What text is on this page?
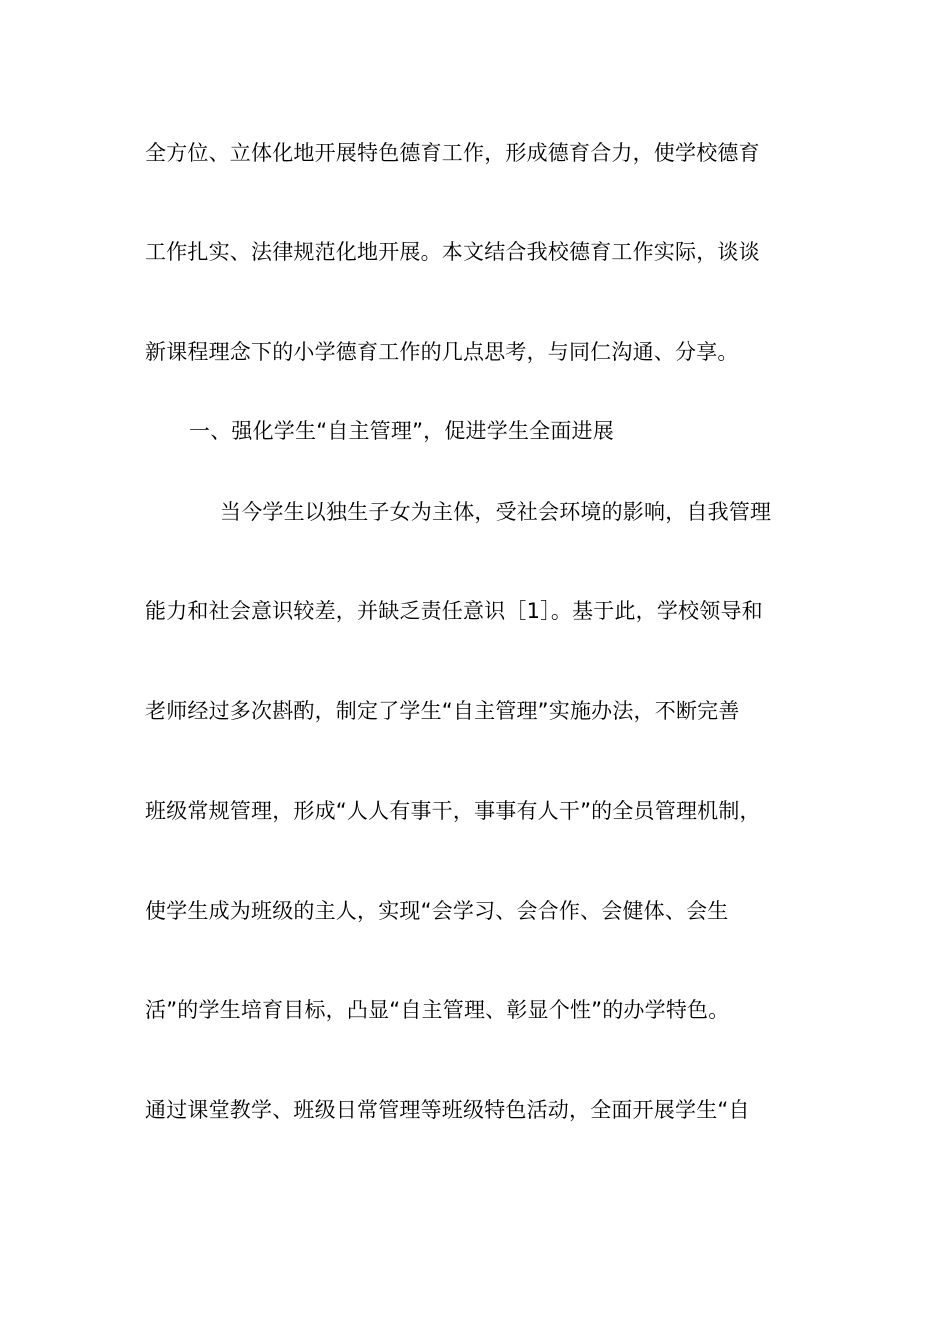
全方位、立体化地开展特色德育工作，形成德育合力，使学校德育
工作扎实、法律规范化地开展。本文结合我校德育工作实际，谈谈
新课程理念下的小学德育工作的几点思考，与同仁沟通、分享。
一、强化学生“自主管理”，促进学生全面进展
当今学生以独生子女为主体，受社会环境的影响，自我管理
能力和社会意识较差，并缺乏责任意识［1］。基于此，学校领导和
老师经过多次斟酌，制定了学生“自主管理”实施办法，不断完善
班级常规管理，形成“人人有事干，事事有人干”的全员管理机制，
使学生成为班级的主人，实现“会学习、会合作、会健体、会生
活”的学生培育目标，凸显“自主管理、彰显个性”的办学特色。
通过课堂教学、班级日常管理等班级特色活动，全面开展学生“自
